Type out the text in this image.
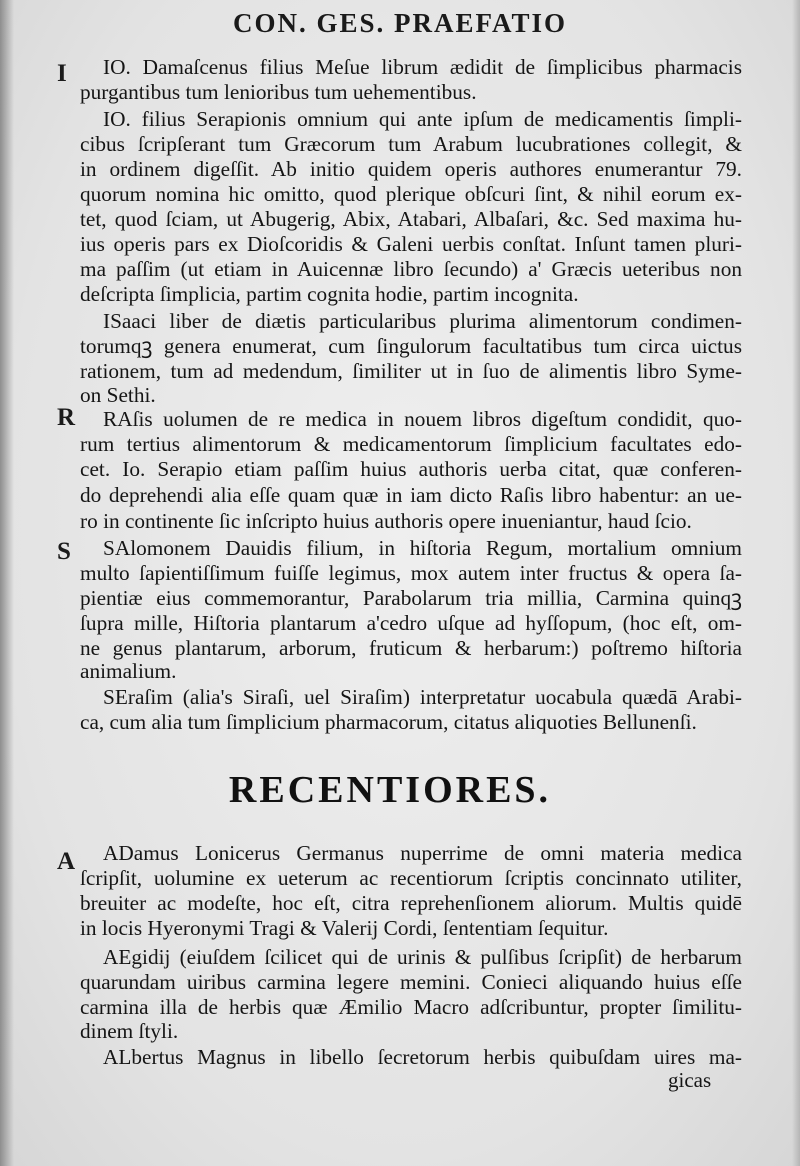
CON. GES. PRAEFATIO
I
R
S
A
IO. Damaſcenus filius Meſue librum ædidit de ſimplicibus pharmacis
purgantibus tum lenioribus tum uehementibus.
IO. filius Serapionis omnium qui ante ipſum de medicamentis ſimpli-
cibus ſcripſerant tum Græcorum tum Arabum lucubrationes collegit, &
in ordinem digeſſit. Ab initio quidem operis authores enumerantur 79.
quorum nomina hic omitto, quod plerique obſcuri ſint, & nihil eorum ex-
tet, quod ſciam, ut Abugerig, Abix, Atabari, Albaſari, &c. Sed maxima hu-
ius operis pars ex Dioſcoridis & Galeni uerbis conſtat. Inſunt tamen pluri-
ma paſſim (ut etiam in Auicennæ libro ſecundo) a' Græcis ueteribus non
deſcripta ſimplicia, partim cognita hodie, partim incognita.
ISaaci liber de diætis particularibus plurima alimentorum condimen-
torumqꝫ genera enumerat, cum ſingulorum facultatibus tum circa uictus
rationem, tum ad medendum, ſimiliter ut in ſuo de alimentis libro Syme-
on Sethi.
RAſis uolumen de re medica in nouem libros digeſtum condidit, quo-
rum tertius alimentorum & medicamentorum ſimplicium facultates edo-
cet. Io. Serapio etiam paſſim huius authoris uerba citat, quæ conferen-
do deprehendi alia eſſe quam quæ in iam dicto Raſis libro habentur: an ue-
ro in continente ſic inſcripto huius authoris opere inueniantur, haud ſcio.
SAlomonem Dauidis filium, in hiſtoria Regum, mortalium omnium
multo ſapientiſſimum fuiſſe legimus, mox autem inter fructus & opera ſa-
pientiæ eius commemorantur, Parabolarum tria millia, Carmina quinqꝫ
ſupra mille, Hiſtoria plantarum a'cedro uſque ad hyſſopum, (hoc eſt, om-
ne genus plantarum, arborum, fruticum & herbarum:) poſtremo hiſtoria
animalium.
SEraſim (alia's Siraſi, uel Siraſim) interpretatur uocabula quædā Arabi-
ca, cum alia tum ſimplicium pharmacorum, citatus aliquoties Bellunenſi.
RECENTIORES.
ADamus Lonicerus Germanus nuperrime de omni materia medica
ſcripſit, uolumine ex ueterum ac recentiorum ſcriptis concinnato utiliter,
breuiter ac modeſte, hoc eſt, citra reprehenſionem aliorum. Multis quidē
in locis Hyeronymi Tragi & Valerij Cordi, ſententiam ſequitur.
AEgidij (eiuſdem ſcilicet qui de urinis & pulſibus ſcripſit) de herbarum
quarundam uiribus carmina legere memini. Conieci aliquando huius eſſe
carmina illa de herbis quæ Æmilio Macro adſcribuntur, propter ſimilitu-
dinem ſtyli.
ALbertus Magnus in libello ſecretorum herbis quibuſdam uires ma-
gicas
